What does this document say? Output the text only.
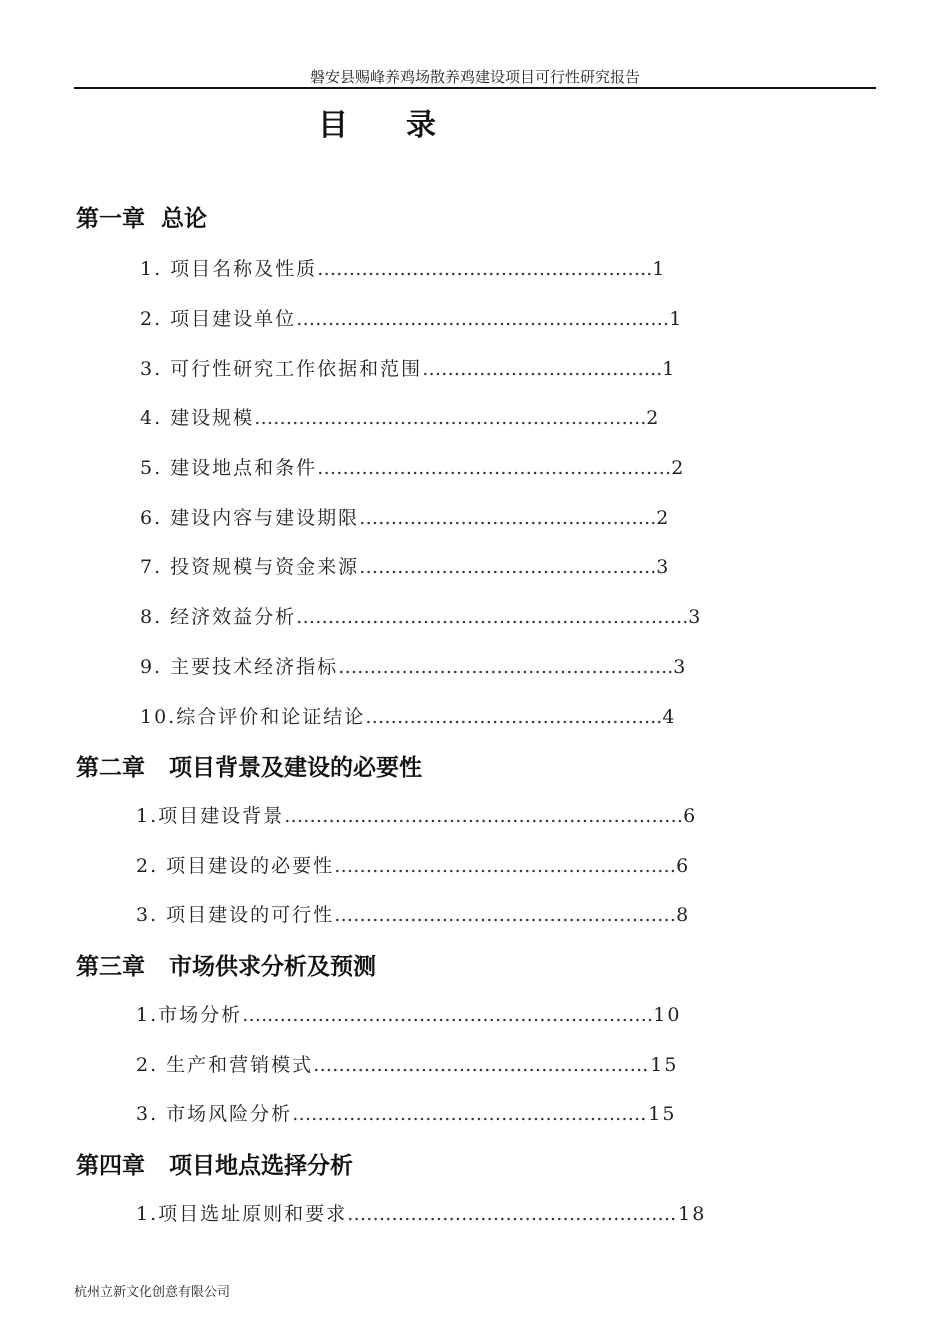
磐安县赐峰养鸡场散养鸡建设项目可行性研究报告
目录
第一章  总论
1. 项目名称及性质……………………………………………..1
2. 项目建设单位……………………………..……………………1
3. 可行性研究工作依据和范围………………………………..1
4. 建设规模……………………………………………………..2
5. 建设地点和条件……………..…………………………………2
6. 建设内容与建设期限………………………………………..2
7. 投资规模与资金来源………………………………………..3
8. 经济效益分析……………………………………………………..3
9. 主要技术经济指标……………………………………………..3
10.综合评价和论证结论………………………………………..4
第二章   项目背景及建设的必要性
1.项目建设背景………………………………………………………6
2. 项目建设的必要性………………………………………………6
3. 项目建设的可行性………………………………………………8
第三章   市场供求分析及预测
1.市场分析…..……………………………………………………10
2. 生产和营销模式……………………………………….…….15
3. 市场风险分析…………………………………………….….15
第四章   项目地点选择分析
1.项目选址原则和要求…………………………………………….18
杭州立新文化创意有限公司
